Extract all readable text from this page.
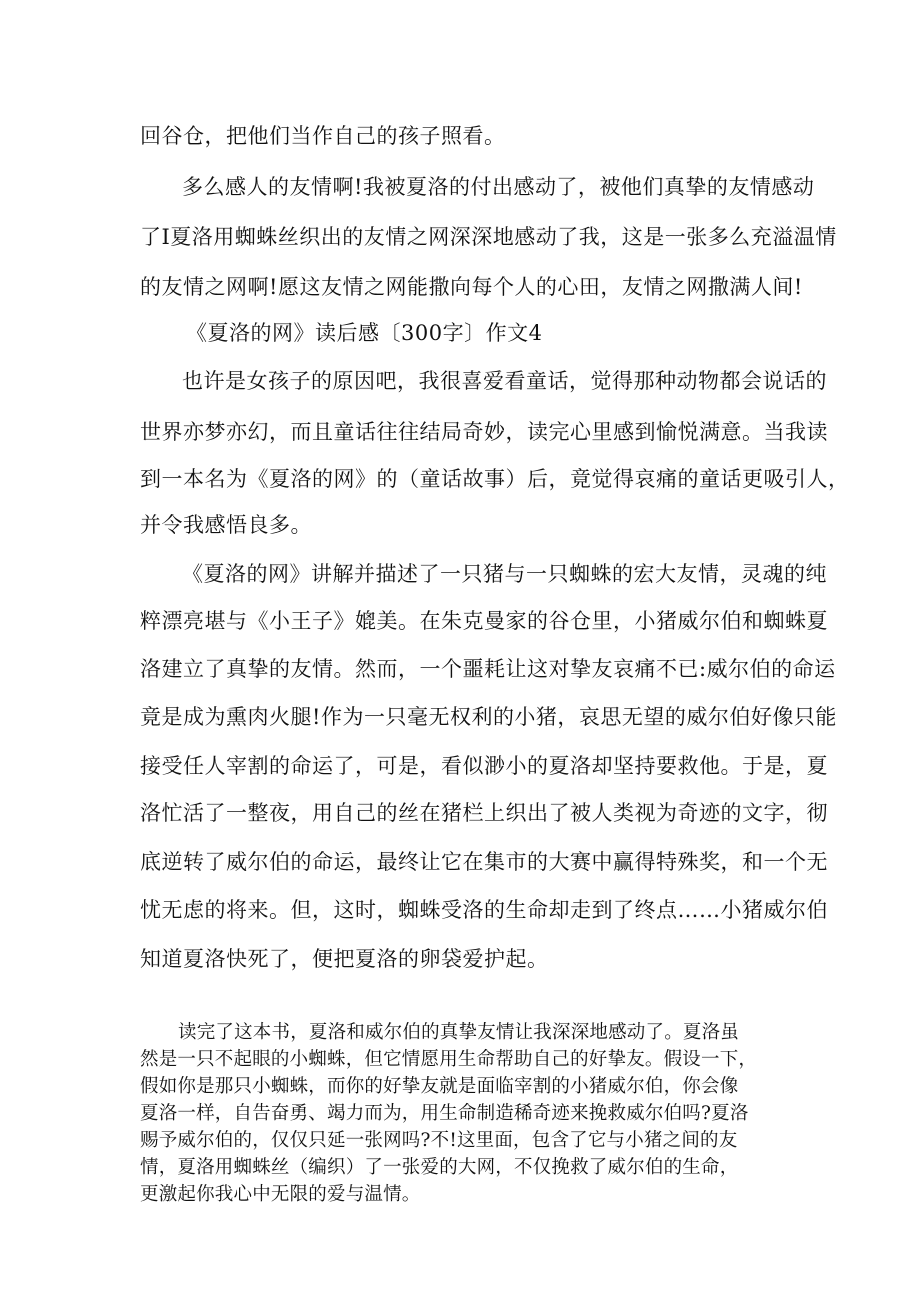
回谷仓，把他们当作自己的孩子照看。
多么感人的友情啊!我被夏洛的付出感动了，被他们真挚的友情感动
了I夏洛用蜘蛛丝织出的友情之网深深地感动了我，这是一张多么充溢温情
的友情之网啊!愿这友情之网能撒向每个人的心田，友情之网撒满人间!
《夏洛的网》读后感〔300字〕作文4
也许是女孩子的原因吧，我很喜爱看童话，觉得那种动物都会说话的
世界亦梦亦幻，而且童话往往结局奇妙，读完心里感到愉悦满意。当我读
到一本名为《夏洛的网》的（童话故事）后，竟觉得哀痛的童话更吸引人，
并令我感悟良多。
《夏洛的网》讲解并描述了一只猪与一只蜘蛛的宏大友情，灵魂的纯
粹漂亮堪与《小王子》媲美。在朱克曼家的谷仓里，小猪威尔伯和蜘蛛夏
洛建立了真挚的友情。然而，一个噩耗让这对挚友哀痛不已:威尔伯的命运
竟是成为熏肉火腿!作为一只毫无权利的小猪，哀思无望的威尔伯好像只能
接受任人宰割的命运了，可是，看似渺小的夏洛却坚持要救他。于是，夏
洛忙活了一整夜，用自己的丝在猪栏上织出了被人类视为奇迹的文字，彻
底逆转了威尔伯的命运，最终让它在集市的大赛中赢得特殊奖，和一个无
忧无虑的将来。但，这时，蜘蛛受洛的生命却走到了终点……小猪威尔伯
知道夏洛快死了，便把夏洛的卵袋爱护起。
读完了这本书，夏洛和威尔伯的真挚友情让我深深地感动了。夏洛虽
然是一只不起眼的小蜘蛛，但它情愿用生命帮助自己的好挚友。假设一下，
假如你是那只小蜘蛛，而你的好挚友就是面临宰割的小猪威尔伯，你会像
夏洛一样，自告奋勇、竭力而为，用生命制造稀奇迹来挽救威尔伯吗?夏洛
赐予威尔伯的，仅仅只延一张网吗?不!这里面，包含了它与小猪之间的友
情，夏洛用蜘蛛丝（编织）了一张爱的大网，不仅挽救了威尔伯的生命，
更激起你我心中无限的爱与温情。
